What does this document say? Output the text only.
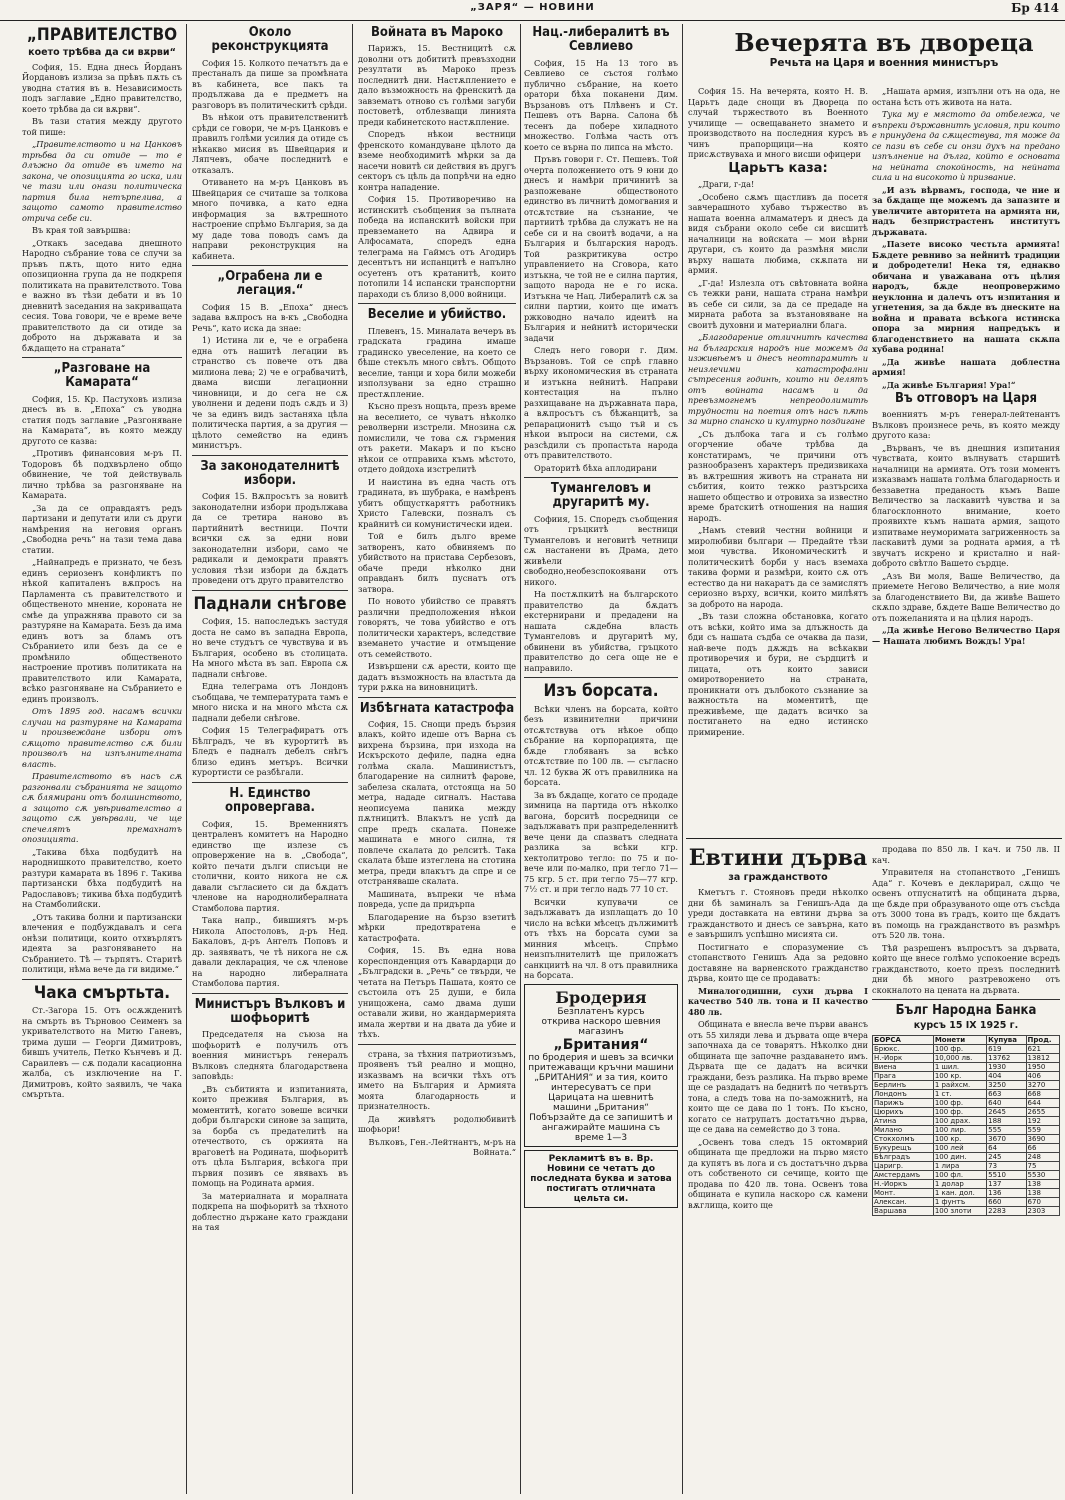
„ЗАРЯ“ — НОВИНИ	Бр 414
„ПРАВИТЕЛСТВО
което трѣбва да си вѫрви“

София, 15. Една днесь Йорданъ Йордановъ излиза за прѣвъ пѫть съ уводна статия въ в. Независимость подъ заглавие „Едно правителство, което трѣбва да си вѫрви“.

Въ тази статия между другото той пише:

„Правителството и на Цанковъ трѣбва да си отиде — то е длъжно да отиде въ името на закона, че опозицията го иска, или че тази или онази политическа партия била нетърпелива, а защото самото правителство отрича себе си.

Въ края той завършва:

„Откакъ заседава днешното Народно събрание това се случи за пръвъ пѫть, щото нито една опозиционна група да не подкрепя политиката на правителството. Това е важно въ тѣзи дебати и въ 10 дневнитѣ заседания на закриващата сесия. Това говори, че е време вече правителството да си отиде за доброто на държавата и за бѫдащето на страната“

„Разговане на Камарата“

София, 15. Кр. Пастуховъ излиза днесъ въ в. „Епоха“ съ уводна статия подъ заглавие „Разгоняване на Камарата“, въ която между другото се казва:

„Противъ финансовия м-ръ П. Тодоровъ бѣ подхвърлено общо обвинение, че той действуваль лично трѣбва за разгоняване на Камарата.

„За да се оправдаятъ редъ партизани и депутати или съ други намѣрения на неговия органъ „Свободна речь“ на тази тема дава статии.

„Найнапредъ е признато, че безъ единъ сериозенъ конфликтъ по нѣкой капиталенъ вѫпросъ на Парламента съ правителството и общественото мнение, короната не смѣе да упражнява правото си за разтуряне на Камарата. Безъ да има единъ вотъ за бламъ отъ Събранието или безъ да се е промѣнило общественото настроение противъ политиката на правителството или Камарата, всѣко разгоняване на Събранието е единъ произволъ.

Отъ 1895 год. насамъ всички случаи на разтуряне на Камарата и произвеждане избори отъ сѫщото правителство сѫ били произволъ на изпълнителната власть.

Правителството въ насъ сѫ разгонвали събранията не защото сѫ блямирани отъ болшинството, а защото сѫ увѣривателство а защото сѫ увѣрвали, че ще спечелятъ премахнатъ опозицията.

„Такива бѣха подбудитѣ на народнишкото правителство, което разтури камарата въ 1896 г. Такива партизански бѣха подбудитѣ на Радославовъ; тикива бѣха подбудитѣ на Стамболийски.

„Отъ такива болни и партизански влечения е подбуждавалъ и сега онѣзи политици, които отхвърлятъ идеята за разгоняването на Събранието. Тѣ — търпятъ. Старитѣ политици, нѣма вече да ги видиме.“

Чака смъртьта.

Ст.-Загора 15. Отъ осѫжденитѣ на смърть въ Търновоо Сеименъ за укривателството на Митю Ганевъ, трима души — Георги Димитровъ, бившъ учитель, Петко Кънчевъ и Д. Сараилевъ — сѫ подали касационна жалба, съ изключение на Г. Димитровъ, който заявилъ, че чака смъртьта.

Около реконструкцията

София 15. Колкото печатътъ да е престаналъ да пише за промѣната въ кабинета, все пакъ та продължава да е предметъ на разговоръ въ политическитѣ срѣди.

Въ нѣкои отъ правителственитѣ срѣди се говори, че м-ръ Цанковъ е правилъ голѣми усилия да отиде съ нѣкакво мисия въ Швейцария и Ляпчевъ, обаче последнитѣ е отказалъ.

Отиването на м-ръ Цанковъ въ Швейцария се считаше за толкова много почивка, а като една информация за вѫтрешното настроение спрѣмо България, за да му даде това поводъ самъ да направи реконструкция на кабинета.

„Ограбена ли е легация.“

София 15 В. „Епоха“ днесъ задава вѫпросъ на в-къ „Свободна Речь“, като иска да знае:

1) Истина ли е, че е ограбена една отъ нашитѣ легации въ странство съ повече отъ два милиона лева; 2) че е ограбвачитѣ, двама висши легационни чиновници, и до сега не сѫ уволнени и дедени подъ сѫдъ и 3) че за единъ видъ застаняха цѣла политическа партия, а за другия — цѣлото семейство на единъ министъръ.

За законодателнитѣ избори.

София 15. Вѫпросътъ за новитѣ законодателни избори продължава да се третира наново въ партийнитѣ вестници. Почти всички сѫ за едни нови законодателни избори, само че радикали и демократи правятъ условия тѣзи избори да бѫдатъ проведени отъ друго правителство

Паднали снѣгове

София, 15. напоследъкъ застудя доста не само въ западна Европа, но вече студътъ се чувствува и въ България, особено въ столицата. На много мѣста въ зап. Европа сѫ паднали снѣгове.

Една телеграма отъ Лондонъ съобщава, че температурата тамъ е много ниска и на много мѣста сѫ паднали дебели снѣгове.

София 15 Телеграфиратъ отъ Бѣлградъ, че въ курортитѣ въ Бледъ е падналъ дебелъ снѣгъ близо единъ метъръ. Всички курортисти се разбѣгали.

Н. Единство опровергава.

София, 15. Временниятъ централенъ комитетъ на Народно единство ще излезе съ опровержение на в. „Свобода“, който печати дълги списъци не столични, които никога не сѫ давали съгласието си да бѫдатъ членове на народнолибералната Стамболова партия.

Така напр., бившиятъ м-ръ Никола Апостоловъ, д-ръ Нед. Бакаловъ, д-ръ Ангелъ Поповъ и др. заявяватъ, че тѣ никога не сѫ давали декларация, че сѫ членове на народно либералната Стамболова партия.

Министъръ Вълковъ и шофьоритѣ

Председателя на съюза на шофьоритѣ е получилъ отъ военния министъръ генералъ Вълковъ следнята благодарствена заповѣдь:

„Въ събитията и изпитанията, които преживя България, въ моментитѣ, когато зовеше всички добри български синове за защита, за борба съ предателитѣ на отечеството, съ оржията на враговетѣ на Родината, шофьоритѣ отъ цѣла България, всѣкога при първия позивъ се явявахъ въ помощь на Родината армия.

За материалната и моралната подкрепа на шофьоритѣ за тѣхното доблестно държане като граждани на тая

Войната въ Мароко

Парижъ, 15. Вестницитѣ сѫ доволни отъ добититѣ превъзходни резултати въ Мароко презъ последнитѣ дни. Настѫплението е дало възможность на френскитѣ да завзематъ отново съ голѣми загуби постоветѣ, отблезващи линията преди кабинетското настѫпление.

Споредъ нѣкои вестници френското командуване цѣлото да вземе необходимитѣ мѣрки за да насечи новитѣ си действия въ другъ секторъ съ цѣль да попрѣчи на едно контра нападение.

София 15. Противоречиво на истинскитѣ съобщения за пълната победа на испанскитѣ войски при превземането на Адвира и Алфосамата, споредъ една телеграма на Гаймсъ отъ Агодиръ десентътъ ни испанцитѣ е напълно осуетенъ отъ кратанитѣ, които потопили 14 испански транспортни параходи съ близо 8,000 войници.

Веселие и убийство.

Плевенъ, 15. Миналата вечеръ въ градската градина имаше градинско увеселение, на което се бѣше стекълъ много свѣтъ. Общото веселие, танци и хора били можеби използувани за едно страшно престѫпление.

Късно презъ нощьта, презъ време на веселието, се чуватъ нѣколко револверни изстрели. Мнозина сѫ помислили, че това сѫ гърмения отъ ракети. Макаръ и по късно нѣкои се отправиха къмъ мѣстото, отдето дойдоха изстрелитѣ

И наистина въ една часть отъ градината, въ шубрака, е намѣренъ убитъ общусткаряттъ работникъ Христо Галевски, позналъ съ крайнитѣ си комунистически идеи.

Той е билъ дълго време затворенъ, като обвиняемъ по убийството на пристава Сербезовъ, обаче преди нѣколко дни оправданъ билъ пуснатъ отъ затвора.

По новото убийство се правятъ различни предположения нѣкои говорятъ, че това убийство е отъ политически характеръ, вследствие вземането участие и отмъщение отъ семейството.

Извършени сѫ арести, които ще дадатъ възможность на властьта да тури рѫка на виновницитѣ.

Избѣгната катастрофа

София, 15. Снощи предъ бързия влакъ, който идеше отъ Варна съ вихрена бързина, при изхода на Искърското дефиле, падна една голѣма скала. Машинистътъ, благодарение на силнитѣ фарове, забелеза скалата, отстояща на 50 метра, нададе сигналъ. Настава неописуема паника между пѫтницитѣ. Влакътъ не успѣ да спре предъ скалата. Понеже машината е много силна, тя повлече скалата до релситѣ. Така скалата бѣше изтеглена на стотина метра, преди влакътъ да спре и се отстраняваше скалата.

Машината, въпреки че нѣма повреда, успе да придърпа

Благодарение на бързо взетитѣ мѣрки предотвратена е катастрофата.

София, 15. Въ една нова кореспонденция отъ Кавардарци до „Бълградски в. „Речь“ се твърди, че четата на Петъръ Пашата, която се състоила отъ 25 души, е била унищожена, само двама души оставали живи, но жандармерията имала жертви и на двата да убие и тѣхъ.

страна, за тѣхния патриотизъмъ, проявенъ тъй реално и мощно, изказвамъ на всички тѣхъ отъ името на България и Армията моята благодарность и признателность.

Да живѣятъ родолюбивитѣ шофьори!

Вълковъ, Ген.-Лейтнантъ, м-ръ на Войната.“

Нац.-либералитѣ въ Севлиево

София, 15 На 13 того въ Севлиево се състоя голѣмо публично събрание, на което оратори бѣха поканени Дим. Вързановъ отъ Плѣвенъ и Ст. Пешевъ отъ Варна. Салона бѣ тесенъ да побере хиладното множество. Голѣма часть отъ което се върна по липса на мѣсто.

Пръвъ говори г. Ст. Пешевъ. Той очерта положението отъ 9 юни до днесъ и намѣри причинитѣ за разпожеване обществоното единство въ личнитѣ домогвания и отсѫтствие на съзнание, че партиитѣ трѣбва да служатъ не на себе си и на своитѣ водачи, а на България и българския народъ. Той разкритикува остро управлението на Сговора, като изтъкна, че той не е силна партия, защото народа не е го иска. Изтъкна че Нац. Либералитѣ сѫ за силни партии, които ще иматъ ржководно начало идеитѣ на България и нейнитѣ исторически задачи

Следъ него говори г. Дим. Вързановъ. Той се спрѣ главно върху икономическия въ страната и изтъкна нейнитѣ. Направи контестация на пълно разхищаване на държавната пара, а вѫпросътъ съ бѣжанцитѣ, за репарационитѣ също тъй и съ нѣкои въпроси на системи, сѫ разсѣдили съ пропастьта народа отъ правителството.

Ораторитѣ бѣха аплодирани

Тумангеловъ и другаритѣ му.

Софиия, 15. Споредъ съобщения отъ гръцкитѣ вестници Тумангеловъ и неговитѣ четници сѫ настанени въ Драма, дето живѣели свободно,необезспокоявани отъ никого.

На постѫпкитѣ на българското правителство да бѫдатъ екстернирани и предадени на нашата сѫдебна власть Тумангеловъ и другаритѣ му, обвинени въ убийства, гръцкото правителство до сега още не е направило.

Изъ борсата.

Всѣки членъ на борсата, който безъ извинителни причини отсѫтствува отъ нѣкое общо събрание на корпорацията, ще бѫде глобяванъ за всѣко отсѫтствие по 100 лв. — съгласно чл. 12 буква Ж отъ правилника на борсата.

За въ бѫдаще, когато се продаде зимница на партида отъ нѣколко вагона, борситѣ посредници се задължаватъ при разпределеннитѣ вече цени да спазватъ следната разлика за всѣки кгр. хектолитрово тегло: по 75 и по-вече или по-малко, при тегло 71—75 кгр. 5 ст. при тегло 75—77 кгр. 7½ ст. и при тегло надъ 77 10 ст.

Всички купувачи се задължаватъ да изплащатъ до 10 число на всѣки мѣсецъ дължимитѣ отъ тѣхъ на борсата суми за минния мѣсецъ. Спрѣмо неизпълнителитѣ ще приложатъ санкциитѣ на чл. 8 отъ правилника на борсата.

Бродерия
Безплатенъ курсъ
открива наскоро шевния магазинъ
„Британия“
по бродерия и шевъ за всички притежаващи кръчни машини „БРИТАНИЯ“ и за тия, които интересуватъ се при Царицата на шевнитѣ машини „Британия“
Побързайте да се запишитѣ и ангажирайте машина съ време 1—3
Рекламитѣ въ в. Вр. Новини се четатъ до последната буква и затова постигатъ отличната цельта си.
Вечерята въ двореца
Речьта на Царя и военния министъръ

София 15. На вечерята, която Н. В. Царьтъ даде снощи въ Двореца по случай тържеството въ Военното училище — освещаването знамето и производството на последния курсъ въ чинъ прапорщици—на която присѫствуваха и много висши офицери

Царьтъ каза:

„Драги, г-да!

„Особено сѫмъ щастливъ да посетя завчерашното хубаво тържество въ нашата военна алмаматеръ и днесъ да видя събрани около себе си висшитѣ началници на войската — мои вѣрни другари, съ които да размѣня мисли върху нашата любима, скѫпата ни армия.

„Г-да! Излезла отъ свѣтовната война съ тежки рани, нашата страна намѣри въ себе си сили, за да се предаде на мирната работа за възтановяване на своитѣ духовни и материални блага.

„Благодарение отличнитѣ качества на българския народъ ние можемъ да изживѣемъ и днесъ неотпарамитѣ и неизлечими катастрофални сътресения годинѣ, които ни делятъ отъ войната насамъ и да превъзмогнемъ непреодолимитѣ трудности на поетия отъ насъ пѫть за мирно спанско и културно поздигане

„Съ дълбока тага и съ голѣмо огорчение обаче трѣбва да констатирамъ, че причини отъ разнообразенъ характеръ предизвикаха въ вѫтрешния животъ на страната ни събития, които тежко разтърсиха нашето общество и отровиха за известно време братскитѣ отношения на нашия народъ.

„Намъ стевий честни войници и миролюбиви българи — Предайте тѣзи мои чувства. Икономическитѣ и политическитѣ борби у насъ вземаха такива форми и размѣри, които сѫ отъ естество да ни накаратъ да се замислятъ сериозно върху, всички, които милѣятъ за доброто на народа.

„Въ тази сложна обстановка, когато отъ всѣки, който има за длъжность да бди съ нашата съдба се очаква да пази, най-вече подъ дѫждъ на всѣкакви противоречия и бури, не сърдцитѣ и лицата, отъ които зависи омиротворението на страната, проникнати отъ дълбокото съзнание за важностьта на моментитѣ, ще преживѣеме, ще дадатъ всичко за постигането на едно истинско примирение.

„Нашата армия, изпълни отъ на ода, не остана ѣсть отъ живота на нaта.

Тука му е мястото да отбележа, че въпреки държавнитѣ условия, при които е принудена да сѫществува, тя може да се пази въ себе си онзи духъ на предано изпълнение на дълга, който е основата на нейната спокойность, на нейната сила и на високото ѝ призвание.

„И азъ вѣрвамъ, господа, че ние и за бѫдаще ще можемъ да запазите и увеличите авторитета на армията ни, надъ безпристрастенъ институтъ държавата.

„Пазете високо честьта армията! Бѫдете ревниво за нейнитѣ традиции и добродетели! Нека тя, еднакво обичана и уважавана отъ цѣлия народъ, бѫде неопровержимо неуклонна и далечъ отъ изпитания и угнетения, за да бѫде въ днеските на война и правата всѣкога истинска опора за мирния напредъкъ и благоденствието на нашата скѫпа хубава родина!

„Да живѣе нашата доблестна армия!

„Да живѣе България! Ура!“

Въ отговоръ на Царя

военниятъ м-ръ генерал-лейтенантъ Вълковъ произнесе речь, въ която между другото каза:

„Върванъ, че въ днешния изпитания чувствата, които вълнуватъ старшитѣ началници на армията. Отъ този моментъ изказвамъ нашата голѣма благодарность и беззаветна преданость къмъ Ваше Величество за ласкавитѣ чувства и за благосклонното внимание, което проявихте къмъ нашата армия, защото изпитваме неуморимата загриженность за ласкавитѣ думи за родната армия, а тѣ звучатъ искрено и кристално и най-доброто свѣтло Вашето сърдце.

„Азъ Ви моля, Ваше Величество, да приемете Негово Величество, а ние моля за благоденствието Ви, да живѣе Вашето скѫпо здраве, бѫдете Ваше Величество до отъ пожеланията и на цѣлия народъ.

„Да живѣе Негово Величество Царя — Нашата любимъ Вождъ! Ура!

Евтини дърва
за гражданството

Кметътъ г. Стояновъ преди нѣколко дни бѣ заминалъ за Генишъ-Ада да уреди доставката на евтини дърва за гражданството и днесъ се завърна, като е завършилъ успѣшно мисията си.

Постигнато е споразумение съ стопанството Генишъ Ада за редовно доставяне на варненското гражданство дърва, които ще се продаватъ:

Миналогодишни, сухи дърва I качество 540 лв. тона и II качество 480 лв.

Общината е внесла вече първи авансъ отъ 55 хиляди лева и дървата още вчера започнаха да се товарятъ. Нѣколко дни общината ще започне раздаването имъ. Дървата ще се дадатъ на всички граждани, безъ разлика. На първо време ще се раздадатъ на беднитѣ по четвъртъ тона, а следъ това на по-заможнитѣ, на които ще се дава по 1 тонъ. По късно, когато се натрупатъ достатъчно дърва, ще се дава на семейство до 3 тона.

„Освенъ това следъ 15 октомврий общината ще предложи на първо място да купятъ въ лога и съ достатъчно дърва отъ собственото си сечище, които ще продава по 420 лв. тона. Освенъ това общината е купила наскоро сѫ камени вѫглища, които ще

продава по 850 лв. I кач. и 750 лв. II кач.

Управителя на стопанството „Генишъ Ада“ г. Кочевъ е декларирал, сѫщо че освенъ отпуснатитѣ на общината дърва, ще бѫде при образуваното още отъ съсѣда отъ 3000 тона въ градъ, които ще бѫдатъ въ помощь на гражданството въ размѣръ отъ 520 лв. тона.

Тѣй разрешенъ въпросътъ за дървата, който ще внесе голѣмо успокоение всредъ гражданството, което презъ последнитѣ дни бѣ много разтревожено отъ скокналото на цената на дървата.

Бълг Народна Банка
курсъ 15 IX 1925 г.
БОРСА	Монети	Купува	Прод.
Брюкс.	100 фр.	619	621
Н.-Йорк	10,000 лв.	13762	13812
Виена	1 шил.	1930	1950
Прага	100 кр.	404	406
Берлинъ	1 райхсм.	3250	3270
Лондонъ	1 ст.	663	668
Парижъ	100 фр.	640	644
Цюрихъ	100 фр.	2645	2655
Атина	100 драх.	188	192
Милано	100 лир.	555	559
Стокхолмъ	100 кр.	3670	3690
Букурещъ	100 лей	64	66
Бѣлградъ	100 дин.	245	248
Царигр.	1 лира	73	75
Амстердамъ	100 фл.	5510	5530
Н.-Йоркъ	1 долар	137	138
Монт.	1 кан. дол.	136	138
Алексан.	1 фунтъ	660	670
Варшава	100 злоти	2283	2303
